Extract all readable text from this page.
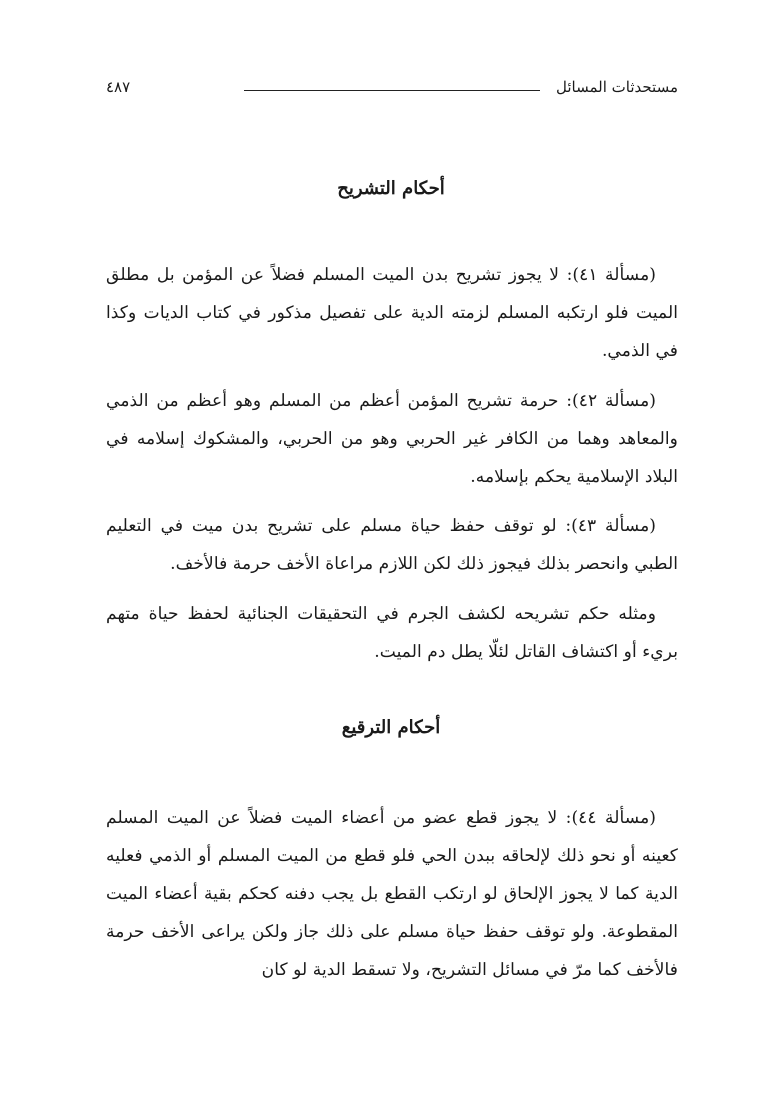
مستحدثات المسائل
٤٨٧
أحكام التشريح

(مسألة ٤١): لا يجوز تشريح بدن الميت المسلم فضلاً عن المؤمن بل مطلق الميت فلو ارتكبه المسلم لزمته الدية على تفصيل مذكور في كتاب الديات وكذا في الذمي.

(مسألة ٤٢): حرمة تشريح المؤمن أعظم من المسلم وهو أعظم من الذمي والمعاهد وهما من الكافر غير الحربي وهو من الحربي، والمشكوك إسلامه في البلاد الإسلامية يحكم بإسلامه.

(مسألة ٤٣): لو توقف حفظ حياة مسلم على تشريح بدن ميت في التعليم الطبي وانحصر بذلك فيجوز ذلك لكن اللازم مراعاة الأخف حرمة فالأخف.

ومثله حكم تشريحه لكشف الجرم في التحقيقات الجنائية لحفظ حياة متهم بريء أو اكتشاف القاتل لئلّا يطل دم الميت.

أحكام الترقيع

(مسألة ٤٤): لا يجوز قطع عضو من أعضاء الميت فضلاً عن الميت المسلم كعينه أو نحو ذلك لإلحاقه ببدن الحي فلو قطع من الميت المسلم أو الذمي فعليه الدية كما لا يجوز الإلحاق لو ارتكب القطع بل يجب دفنه كحكم بقية أعضاء الميت المقطوعة. ولو توقف حفظ حياة مسلم على ذلك جاز ولكن يراعى الأخف حرمة فالأخف كما مرّ في مسائل التشريح، ولا تسقط الدية لو كان
